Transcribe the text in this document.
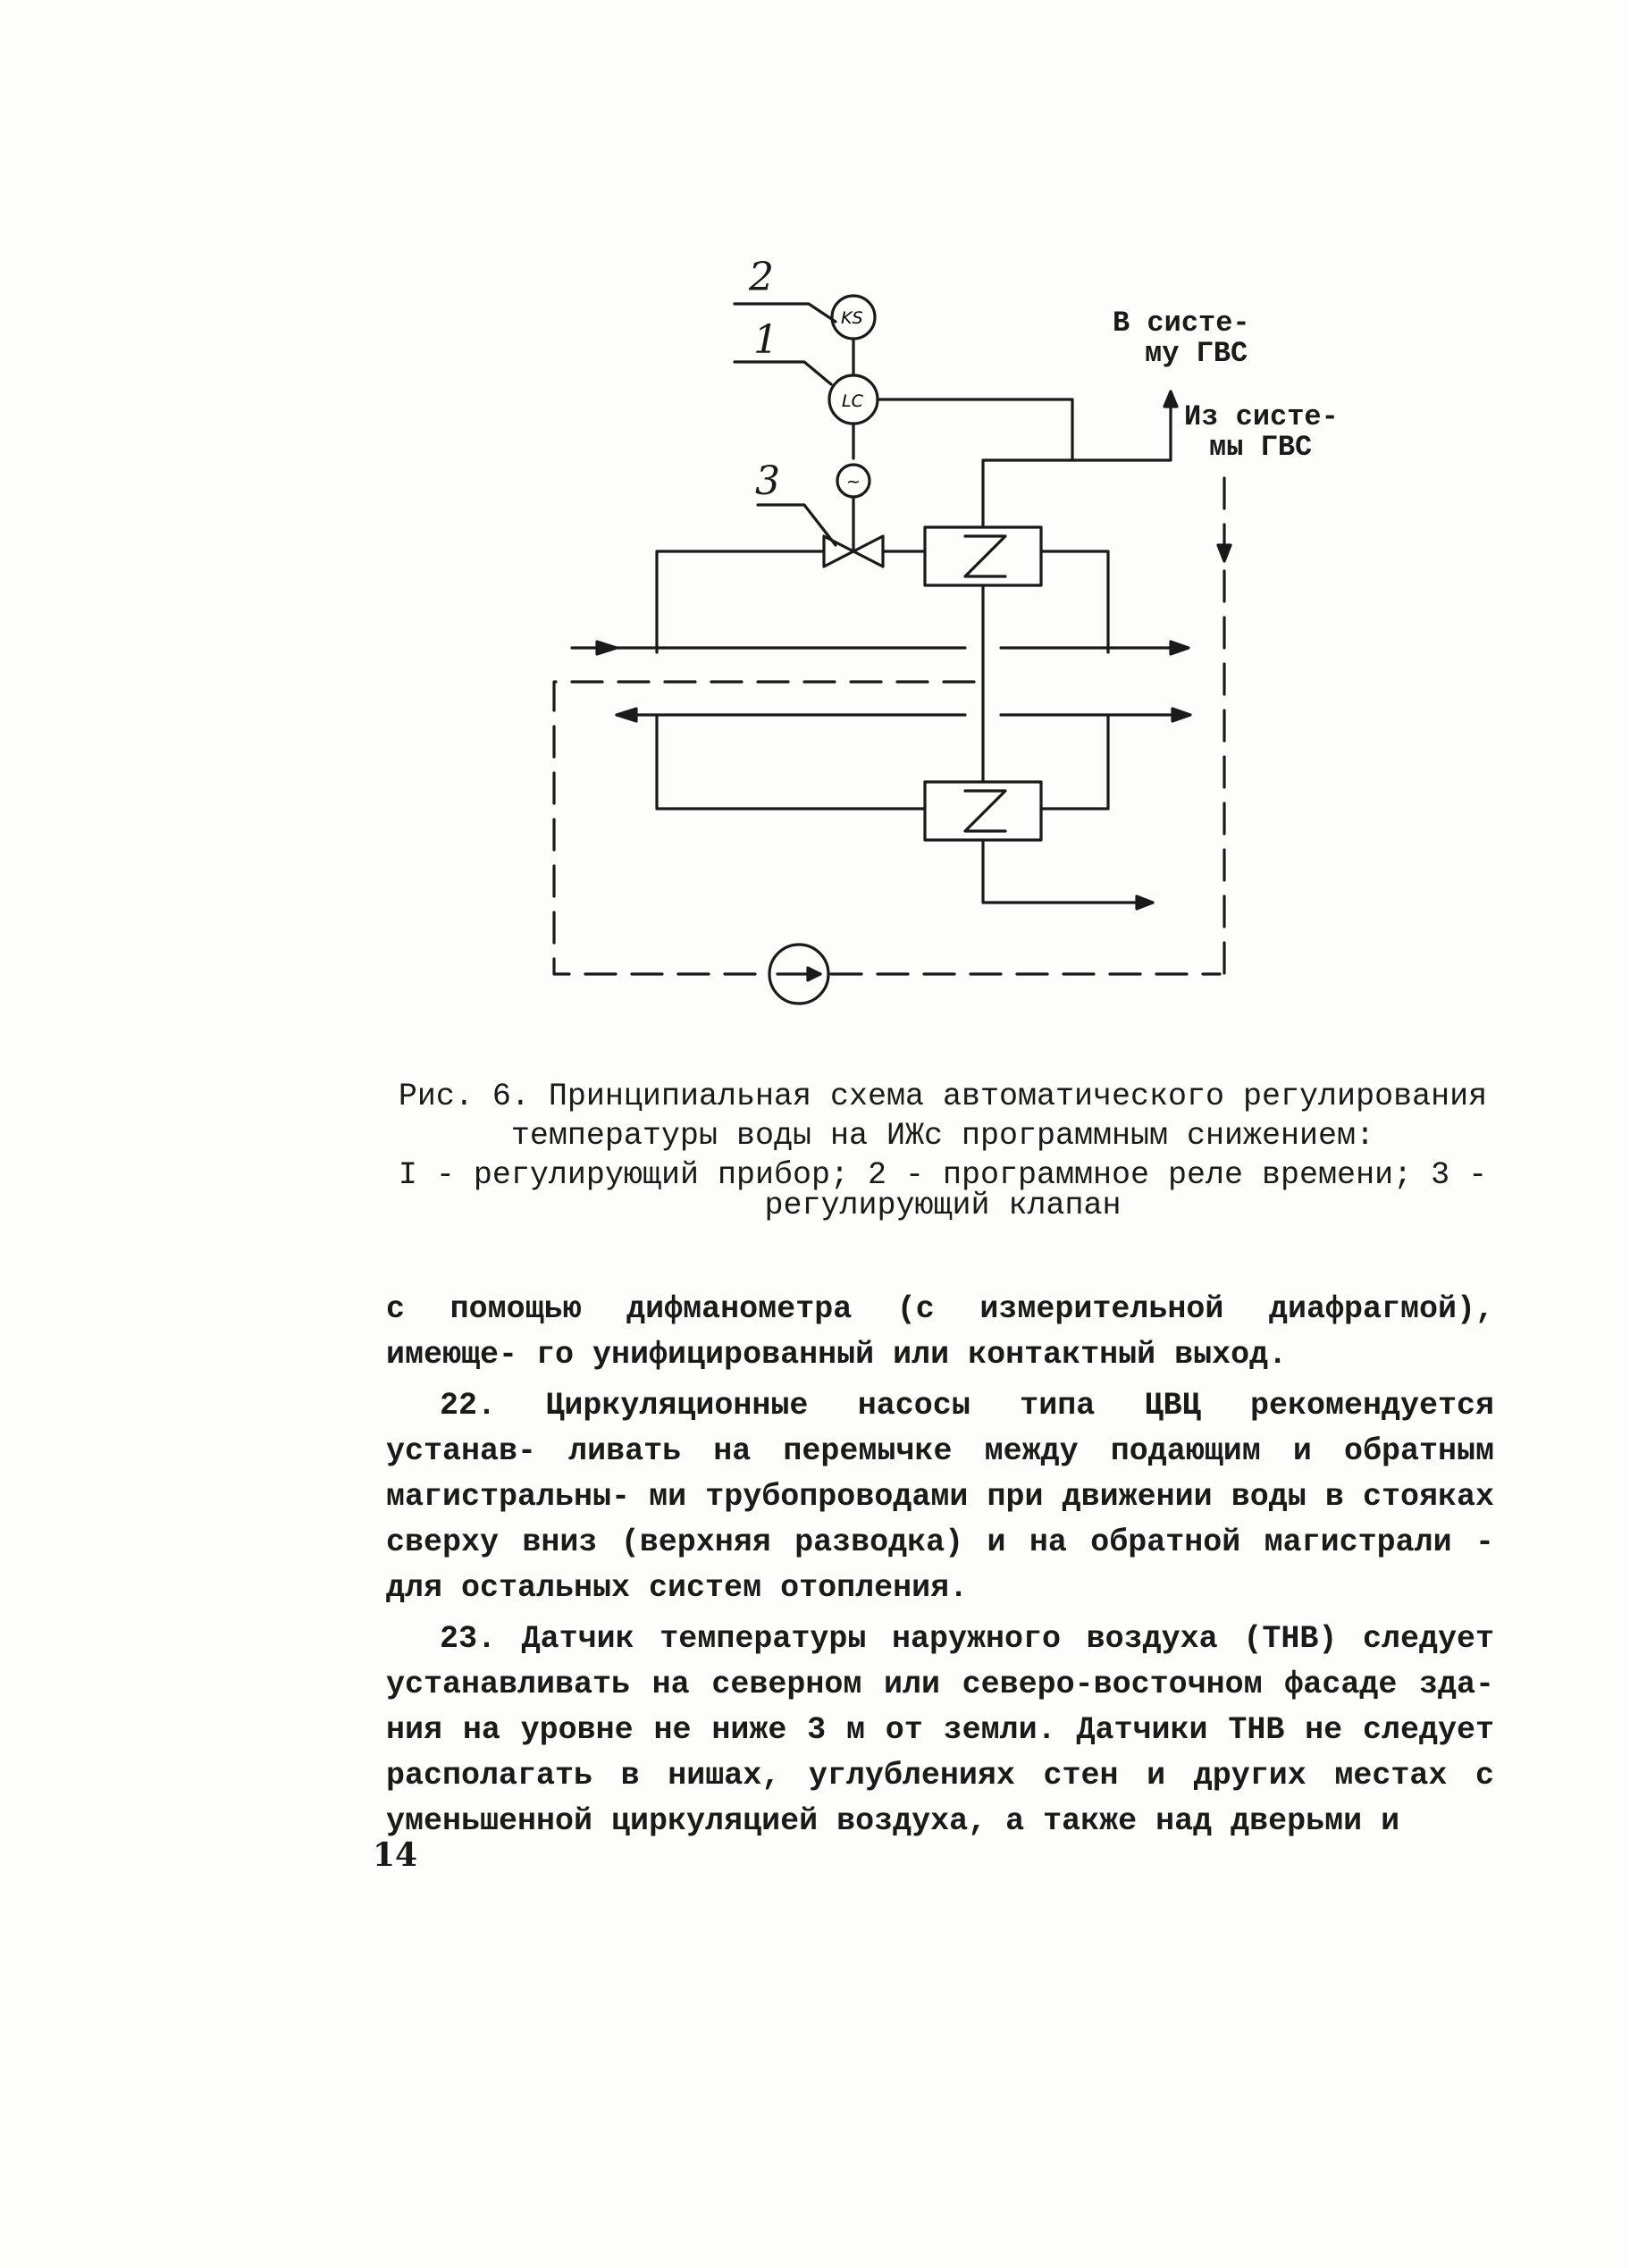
KS
LC
~
2
1
3
В систе-
му ГВС
Из систе-
мы ГВС
Рис. 6. Принципиальная схема автоматического регулирования
температуры воды на ИЖс программным снижением:
I - регулирующий прибор; 2 - программное реле времени; 3 -
регулирующий клапан

с помощью дифманометра (с измерительной диафрагмой), имеюще- го унифицированный или контактный выход.

22. Циркуляционные насосы типа ЦВЦ рекомендуется устанав- ливать на перемычке между подающим и обратным магистральны- ми трубопроводами при движении воды в стояках сверху вниз (верхняя разводка) и на обратной магистрали - для остальных систем отопления.

23. Датчик температуры наружного воздуха (ТНВ) следует устанавливать на северном или северо-восточном фасаде зда- ния на уровне не ниже 3 м от земли. Датчики ТНВ не следует располагать в нишах, углублениях стен и других местах с уменьшенной циркуляцией воздуха, а также над дверьми и

14
